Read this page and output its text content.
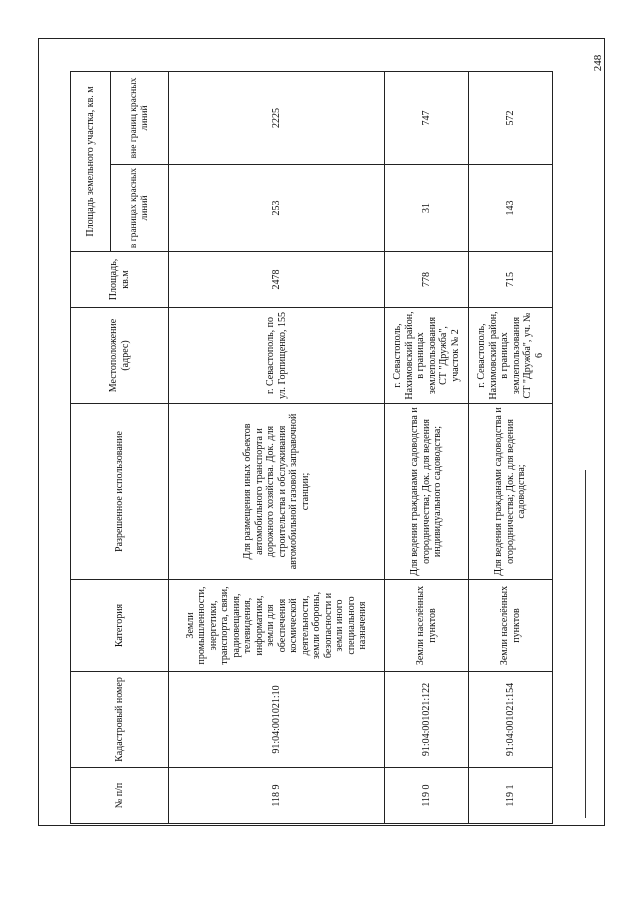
248
№ п/п	Кадастровый номер	Категория	Разрешенное использование	Местоположение (адрес)	Площадь, кв.м	Площадь земельного участка, кв. м	
						в границах красных линий	вне границ красных линий
118 9	91:04:001021:10	Земли промышленности, энергетики, транспорта, связи, радиовещания, телевидения, информатики, земли для обеспечения космической деятельности, земли обороны, безопасности и земли иного специального назначения	Для размещения иных объектов автомобильного транспорта и дорожного хозяйства. Док. для строительства и обслуживания автомобильной газовой заправочной станции;	г. Севастополь, по ул. Горпищенко, 155	2478	253	2225
119 0	91:04:001021:122	Земли населённых пунктов	Для ведения гражданами садоводства и огородничества; Док. для ведения индивидуального садоводства;	г. Севастополь, Нахимовский район, в границах землепользования СТ "Дружба", участок № 2	778	31	747
119 1	91:04:001021:154	Земли населённых пунктов	Для ведения гражданами садоводства и огородничества; Док. для ведения садоводства;	г. Севастополь, Нахимовский район, в границах землепользования СТ "Дружба", уч. № 6	715	143	572
